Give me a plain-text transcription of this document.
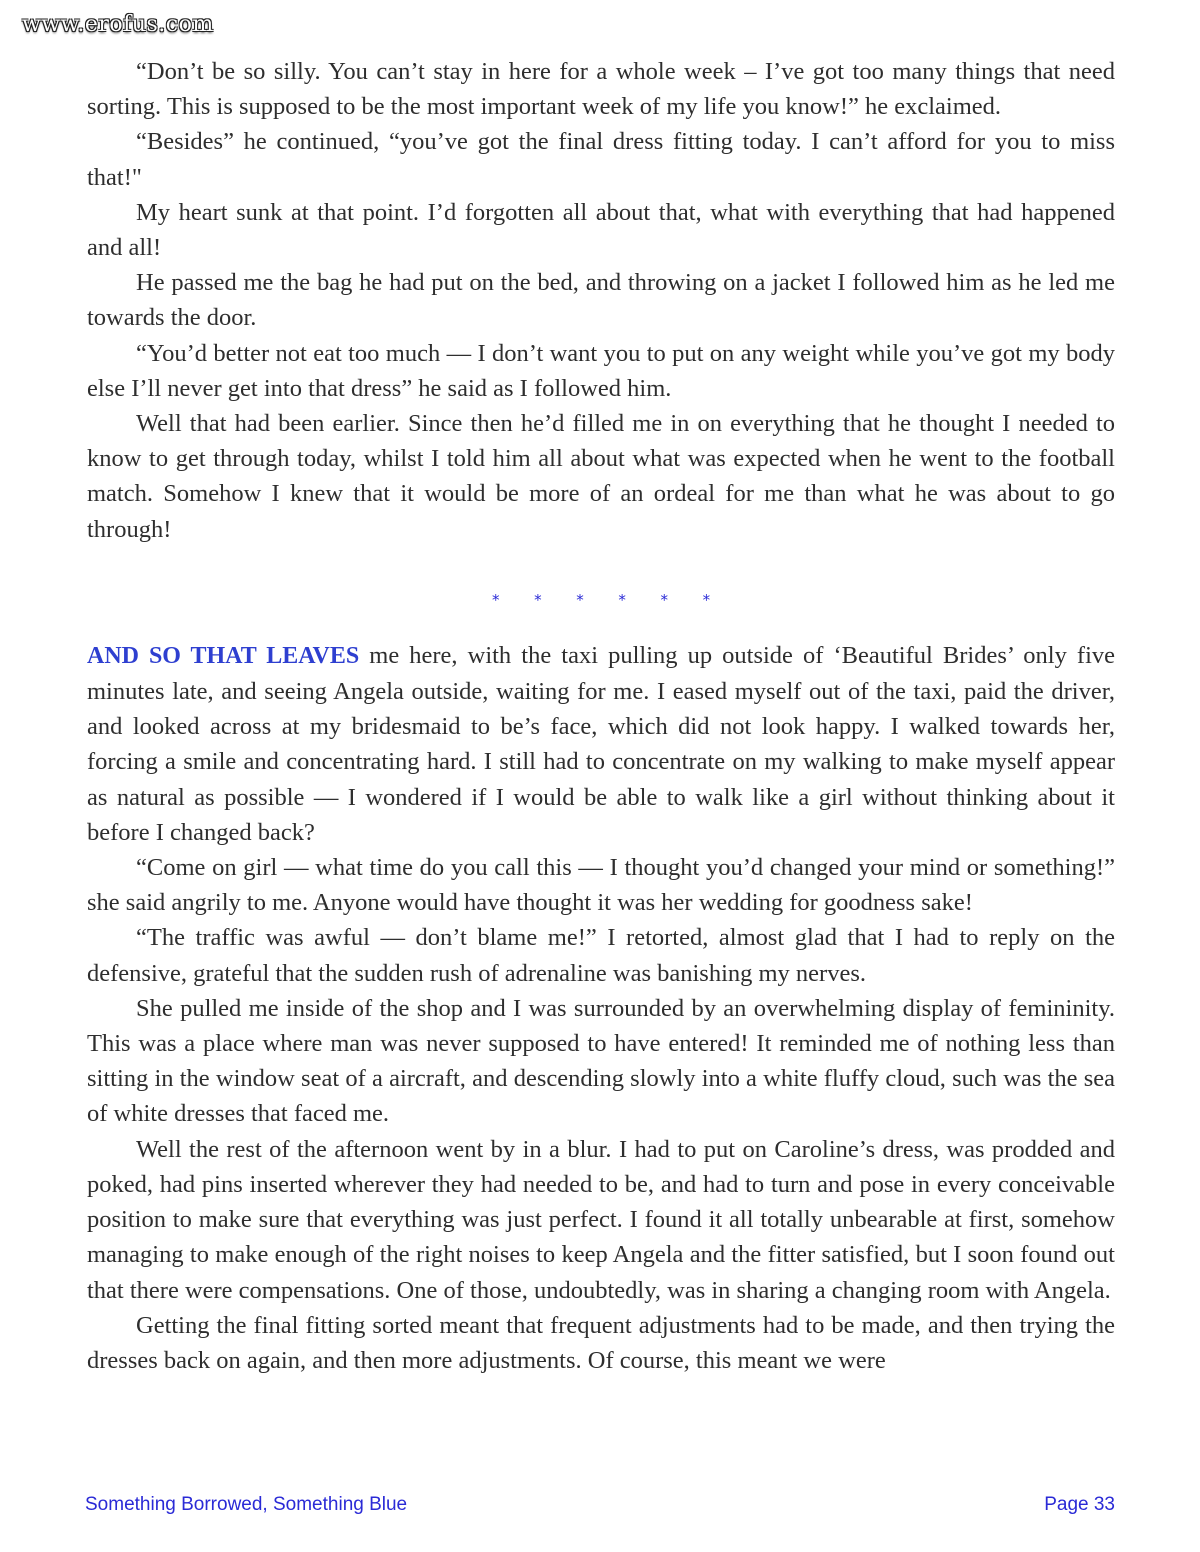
www.erofus.com

“Don’t be so silly. You can’t stay in here for a whole week – I’ve got too many things that need sorting. This is supposed to be the most important week of my life you know!” he exclaimed.

“Besides” he continued, “you’ve got the final dress fitting today. I can’t afford for you to miss that!"

My heart sunk at that point. I’d forgotten all about that, what with everything that had happened and all!

He passed me the bag he had put on the bed, and throwing on a jacket I followed him as he led me towards the door.

“You’d better not eat too much — I don’t want you to put on any weight while you’ve got my body else I’ll never get into that dress” he said as I followed him.

Well that had been earlier. Since then he’d filled me in on everything that he thought I needed to know to get through today, whilst I told him all about what was expected when he went to the football match. Somehow I knew that it would be more of an ordeal for me than what he was about to go through!

* * * * * *

AND SO THAT LEAVES me here, with the taxi pulling up outside of ‘Beautiful Brides’ only five minutes late, and seeing Angela outside, waiting for me. I eased myself out of the taxi, paid the driver, and looked across at my bridesmaid to be’s face, which did not look happy. I walked towards her, forcing a smile and concentrating hard. I still had to concentrate on my walking to make myself appear as natural as possible — I wondered if I would be able to walk like a girl without thinking about it before I changed back?

“Come on girl — what time do you call this — I thought you’d changed your mind or something!” she said angrily to me. Anyone would have thought it was her wedding for goodness sake!

“The traffic was awful — don’t blame me!” I retorted, almost glad that I had to reply on the defensive, grateful that the sudden rush of adrenaline was banishing my nerves.

She pulled me inside of the shop and I was surrounded by an overwhelming display of femininity. This was a place where man was never supposed to have entered! It reminded me of nothing less than sitting in the window seat of a aircraft, and descending slowly into a white fluffy cloud, such was the sea of white dresses that faced me.

Well the rest of the afternoon went by in a blur. I had to put on Caroline’s dress, was prodded and poked, had pins inserted wherever they had needed to be, and had to turn and pose in every conceivable position to make sure that everything was just perfect. I found it all totally unbearable at first, somehow managing to make enough of the right noises to keep Angela and the fitter satisfied, but I soon found out that there were compensations. One of those, undoubtedly, was in sharing a changing room with Angela.

Getting the final fitting sorted meant that frequent adjustments had to be made, and then trying the dresses back on again, and then more adjustments. Of course, this meant we were

Something Borrowed, Something Blue	Page 33
